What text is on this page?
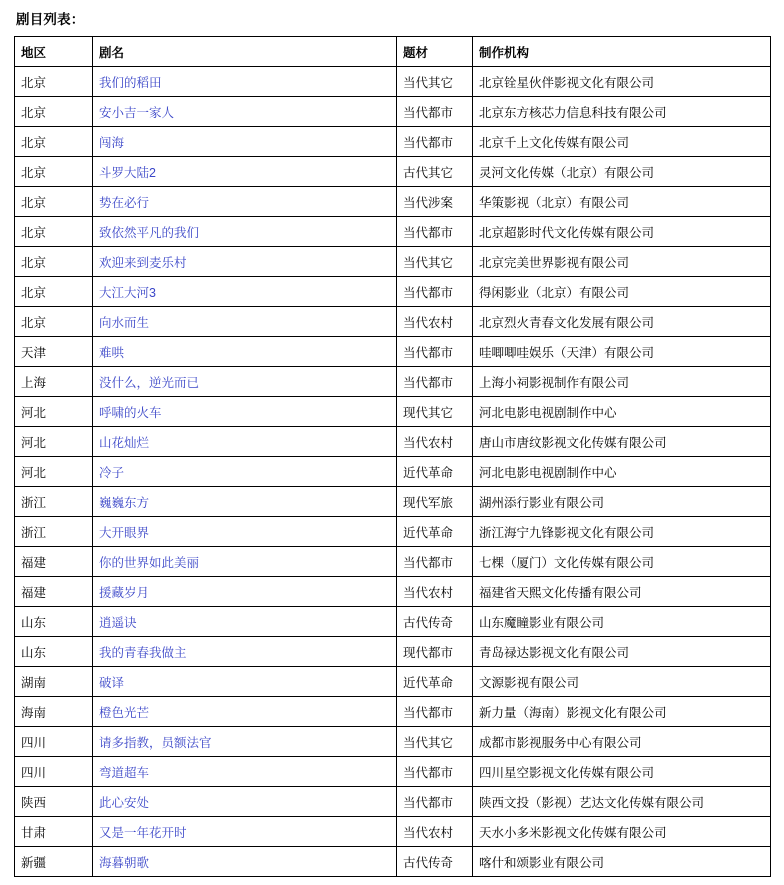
剧目列表：
地区	剧名	题材	制作机构
北京	我们的稻田	当代其它	北京铨星伙伴影视文化有限公司
北京	安小吉一家人	当代都市	北京东方核芯力信息科技有限公司
北京	闯海	当代都市	北京千上文化传媒有限公司
北京	斗罗大陆2	古代其它	灵河文化传媒（北京）有限公司
北京	势在必行	当代涉案	华策影视（北京）有限公司
北京	致依然平凡的我们	当代都市	北京超影时代文化传媒有限公司
北京	欢迎来到麦乐村	当代其它	北京完美世界影视有限公司
北京	大江大河3	当代都市	得闲影业（北京）有限公司
北京	向水而生	当代农村	北京烈火青春文化发展有限公司
天津	难哄	当代都市	哇唧唧哇娱乐（天津）有限公司
上海	没什么，逆光而已	当代都市	上海小祠影视制作有限公司
河北	呼啸的火车	现代其它	河北电影电视剧制作中心
河北	山花灿烂	当代农村	唐山市唐纹影视文化传媒有限公司
河北	冷子	近代革命	河北电影电视剧制作中心
浙江	巍巍东方	现代军旅	湖州添行影业有限公司
浙江	大开眼界	近代革命	浙江海宁九锋影视文化有限公司
福建	你的世界如此美丽	当代都市	七棵（厦门）文化传媒有限公司
福建	援藏岁月	当代农村	福建省天熙文化传播有限公司
山东	逍遥诀	古代传奇	山东魔瞳影业有限公司
山东	我的青春我做主	现代都市	青岛禄达影视文化有限公司
湖南	破译	近代革命	文源影视有限公司
海南	橙色光芒	当代都市	新力量（海南）影视文化有限公司
四川	请多指教，员额法官	当代其它	成都市影视服务中心有限公司
四川	弯道超车	当代都市	四川星空影视文化传媒有限公司
陕西	此心安处	当代都市	陕西文投（影视）艺达文化传媒有限公司
甘肃	又是一年花开时	当代农村	天水小多米影视文化传媒有限公司
新疆	海暮朝歌	古代传奇	喀什和颂影业有限公司
